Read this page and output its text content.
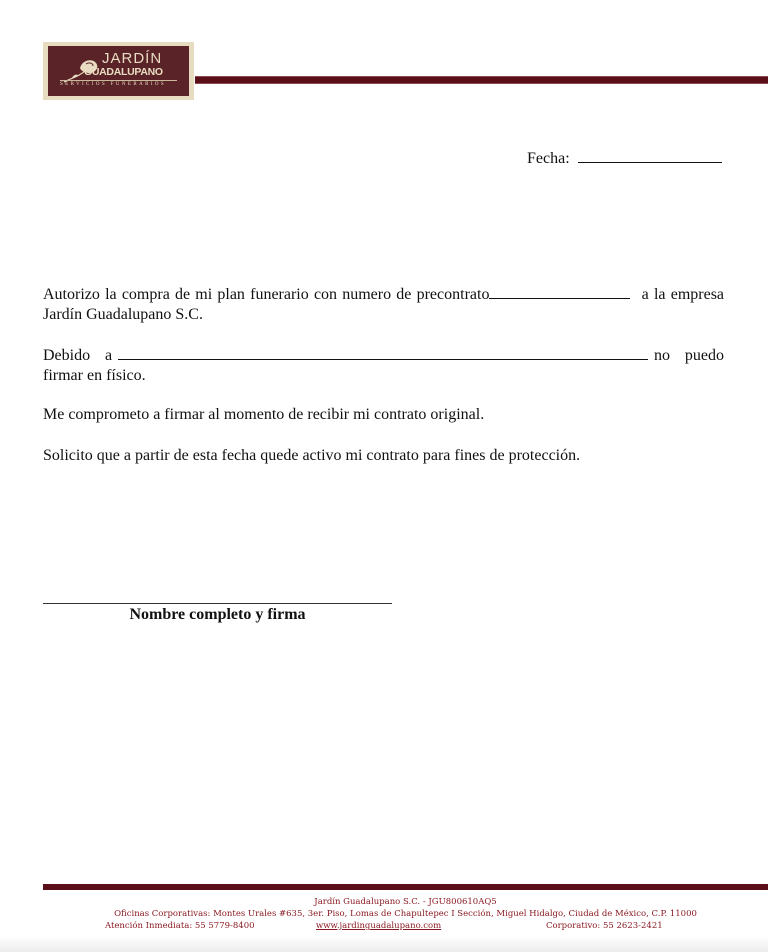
JARDÍN
GUADALUPANO
SERVICIOS FUNERARIOS
Fecha:
Autorizo la compra de mi plan funerario con numero de precontrato	a la empresa Jardín Guadalupano S.C.
Debido a	no puedo firmar en físico.
Me comprometo a firmar al momento de recibir mi contrato original.
Solicito que a partir de esta fecha quede activo mi contrato para fines de protección.
Nombre completo y firma
Jardín Guadalupano S.C. - JGU800610AQ5
Oficinas Corporativas: Montes Urales #635, 3er. Piso, Lomas de Chapultepec I Sección, Miguel Hidalgo, Ciudad de México, C.P. 11000
Atención Inmediata: 55 5779-8400	www.jardinguadalupano.com	Corporativo: 55 2623-2421
